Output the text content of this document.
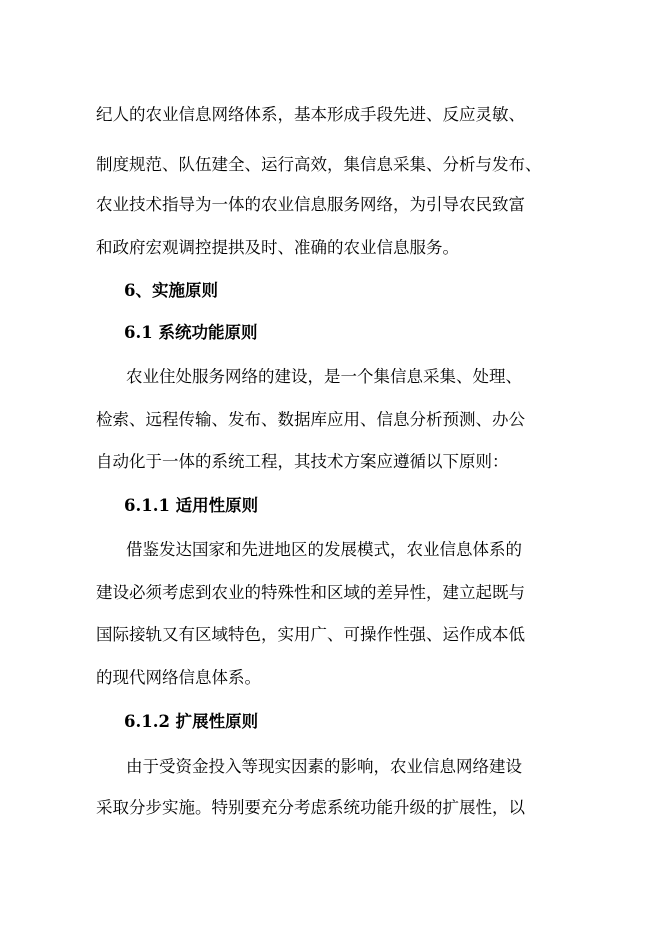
纪人的农业信息网络体系，基本形成手段先进、反应灵敏、
制度规范、队伍建全、运行高效，集信息采集、分析与发布、
农业技术指导为一体的农业信息服务网络，为引导农民致富
和政府宏观调控提拱及时、准确的农业信息服务。
6、实施原则
6.1 系统功能原则
农业住处服务网络的建设，是一个集信息采集、处理、
检索、远程传输、发布、数据库应用、信息分析预测、办公
自动化于一体的系统工程，其技术方案应遵循以下原则：
6.1.1 适用性原则
借鉴发达国家和先进地区的发展模式，农业信息体系的
建设必须考虑到农业的特殊性和区域的差异性，建立起既与
国际接轨又有区域特色，实用广、可操作性强、运作成本低
的现代网络信息体系。
6.1.2 扩展性原则
由于受资金投入等现实因素的影响，农业信息网络建设
采取分步实施。特别要充分考虑系统功能升级的扩展性，以
